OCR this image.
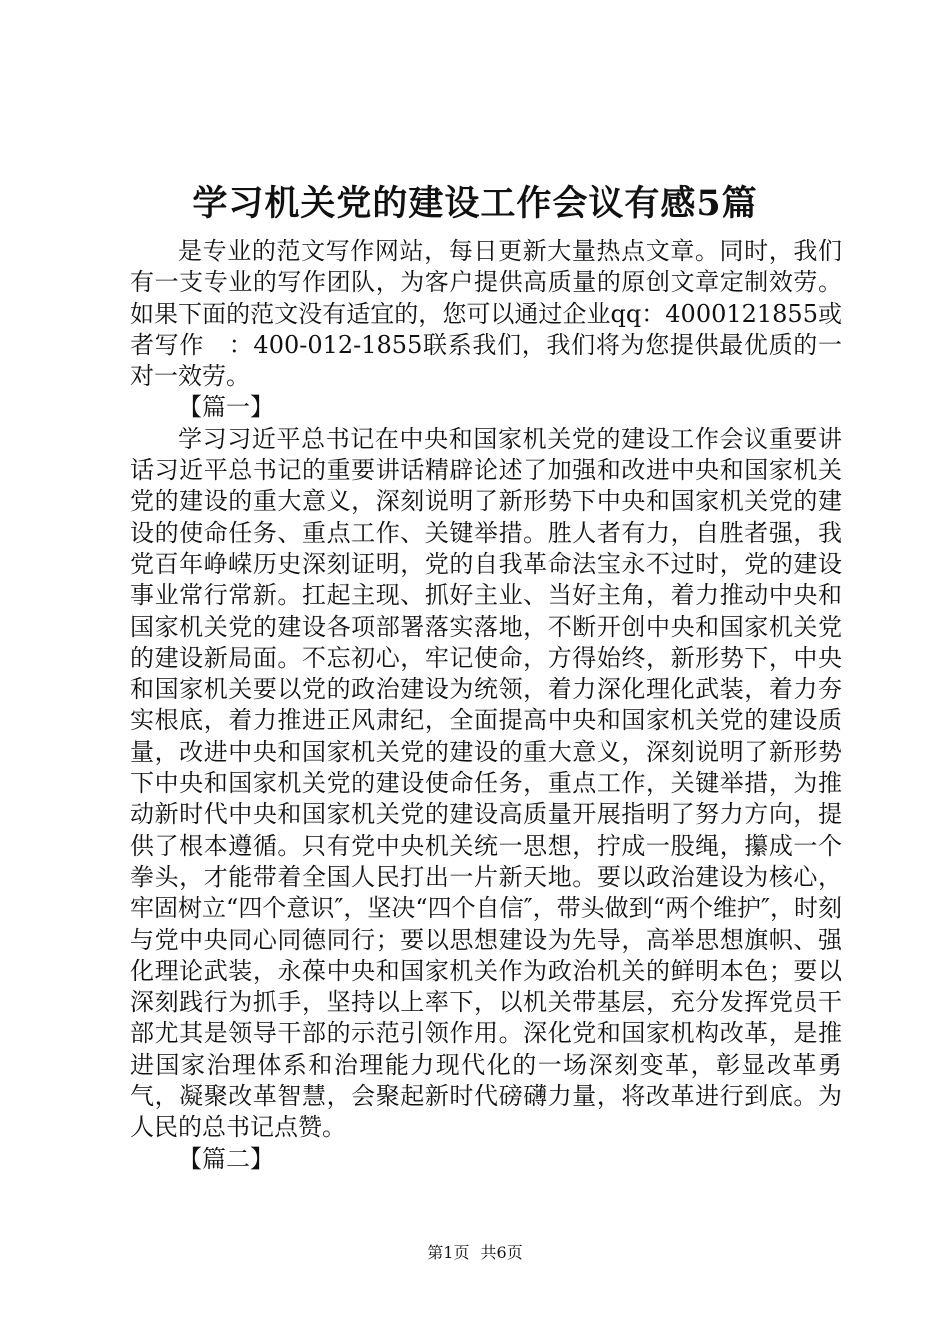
学习机关党的建设工作会议有感5篇

是专业的范文写作网站，每日更新大量热点文章。同时，我们有一支专业的写作团队，为客户提供高质量的原创文章定制效劳。如果下面的范文没有适宜的，您可以通过企业qq：4000121855或者写作　：400-012-1855联系我们，我们将为您提供最优质的一对一效劳。

【篇一】

学习习近平总书记在中央和国家机关党的建设工作会议重要讲话习近平总书记的重要讲话精辟论述了加强和改进中央和国家机关党的建设的重大意义，深刻说明了新形势下中央和国家机关党的建设的使命任务、重点工作、关键举措。胜人者有力，自胜者强，我党百年峥嵘历史深刻证明，党的自我革命法宝永不过时，党的建设事业常行常新。扛起主现、抓好主业、当好主角，着力推动中央和国家机关党的建设各项部署落实落地，不断开创中央和国家机关党的建设新局面。不忘初心，牢记使命，方得始终，新形势下，中央和国家机关要以党的政治建设为统领，着力深化理化武装，着力夯实根底，着力推进正风肃纪，全面提高中央和国家机关党的建设质量，改进中央和国家机关党的建设的重大意义，深刻说明了新形势下中央和国家机关党的建设使命任务，重点工作，关键举措，为推动新时代中央和国家机关党的建设高质量开展指明了努力方向，提供了根本遵循。只有党中央机关统一思想，拧成一股绳，攥成一个拳头，才能带着全国人民打出一片新天地。要以政治建设为核心，牢固树立“四个意识″，坚决“四个自信″，带头做到“两个维护″，时刻与党中央同心同德同行；要以思想建设为先导，高举思想旗帜、强化理论武装，永葆中央和国家机关作为政治机关的鲜明本色；要以深刻践行为抓手，坚持以上率下，以机关带基层，充分发挥党员干部尤其是领导干部的示范引领作用。深化党和国家机构改革，是推进国家治理体系和治理能力现代化的一场深刻变革，彰显改革勇气，凝聚改革智慧，会聚起新时代磅礴力量，将改革进行到底。为人民的总书记点赞。

【篇二】

第1页 共6页
